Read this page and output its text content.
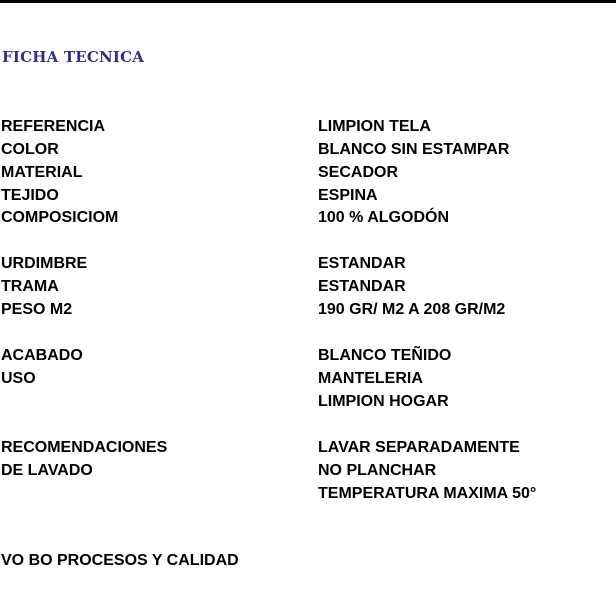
FICHA TECNICA
REFERENCIA	LIMPION TELA
COLOR	BLANCO SIN ESTAMPAR
MATERIAL	SECADOR
TEJIDO	ESPINA
COMPOSICIOM	100 % ALGODÓN
URDIMBRE	ESTANDAR
TRAMA	ESTANDAR
PESO M2	190 GR/ M2 A 208 GR/M2
ACABADO	BLANCO TEÑIDO
USO	MANTELERIA
LIMPION HOGAR
RECOMENDACIONES	LAVAR SEPARADAMENTE
DE LAVADO	NO PLANCHAR
TEMPERATURA MAXIMA 50°
VO BO PROCESOS Y CALIDAD
